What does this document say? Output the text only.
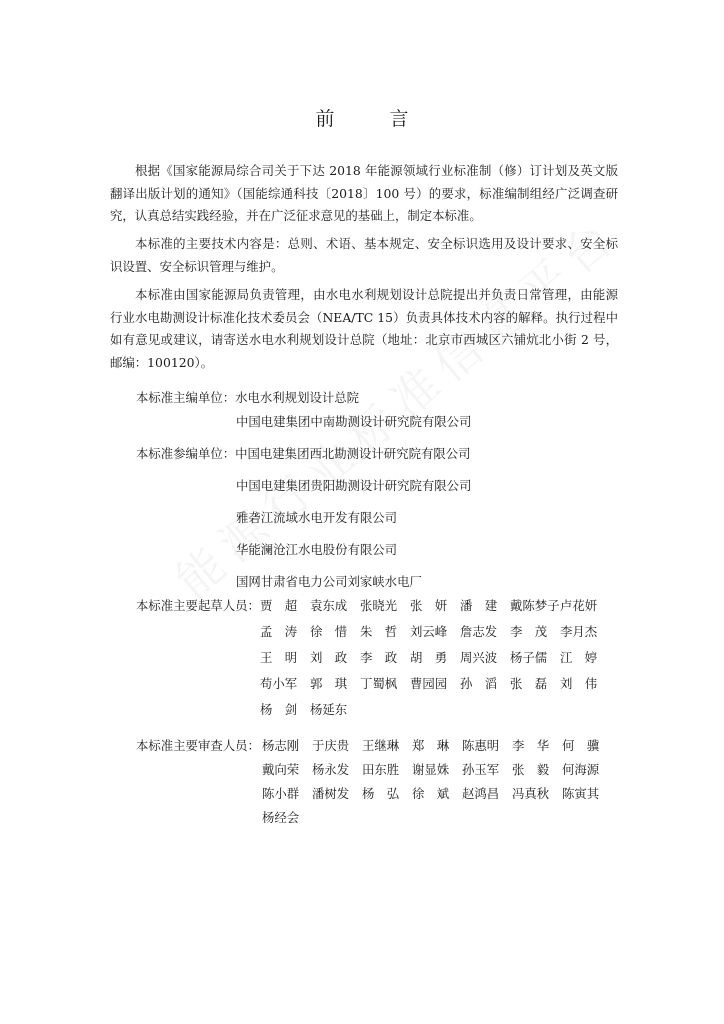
前　言

根据《国家能源局综合司关于下达 2018 年能源领域行业标准制（修）订计划及英文版翻译出版计划的通知》（国能综通科技〔2018〕100 号）的要求，标准编制组经广泛调查研究，认真总结实践经验，并在广泛征求意见的基础上，制定本标准。

本标准的主要技术内容是：总则、术语、基本规定、安全标识选用及设计要求、安全标识设置、安全标识管理与维护。

本标准由国家能源局负责管理，由水电水利规划设计总院提出并负责日常管理，由能源行业水电勘测设计标准化技术委员会（NEA/TC 15）负责具体技术内容的解释。执行过程中如有意见或建议，请寄送水电水利规划设计总院（地址：北京市西城区六铺炕北小街 2 号，邮编：100120）。

本标准主编单位：水电水利规划设计总院
中国电建集团中南勘测设计研究院有限公司
本标准参编单位：中国电建集团西北勘测设计研究院有限公司
中国电建集团贵阳勘测设计研究院有限公司
雅砻江流域水电开发有限公司
华能澜沧江水电股份有限公司
国网甘肃省电力公司刘家峡水电厂
本标准主要起草人员： 贾　超 袁东成 张晓光 张　妍 潘　建 戴陈梦子 卢花妍
孟　涛 徐　惜 朱　哲 刘云峰 詹志发 李　茂 李月杰
王　明 刘　政 李　政 胡　勇 周兴波 杨子儒 江　婷
苟小军 郭　琪 丁蜀枫 曹园园 孙　滔 张　磊 刘　伟
杨　剑 杨延东
本标准主要审查人员： 杨志刚 于庆贵 王继琳 郑　琳 陈惠明 李　华 何　骥
戴向荣 杨永发 田东胜 谢显姝 孙玉军 张　毅 何海源
陈小群 潘树发 杨　弘 徐　斌 赵鸿昌 冯真秋 陈寅其
杨经会
